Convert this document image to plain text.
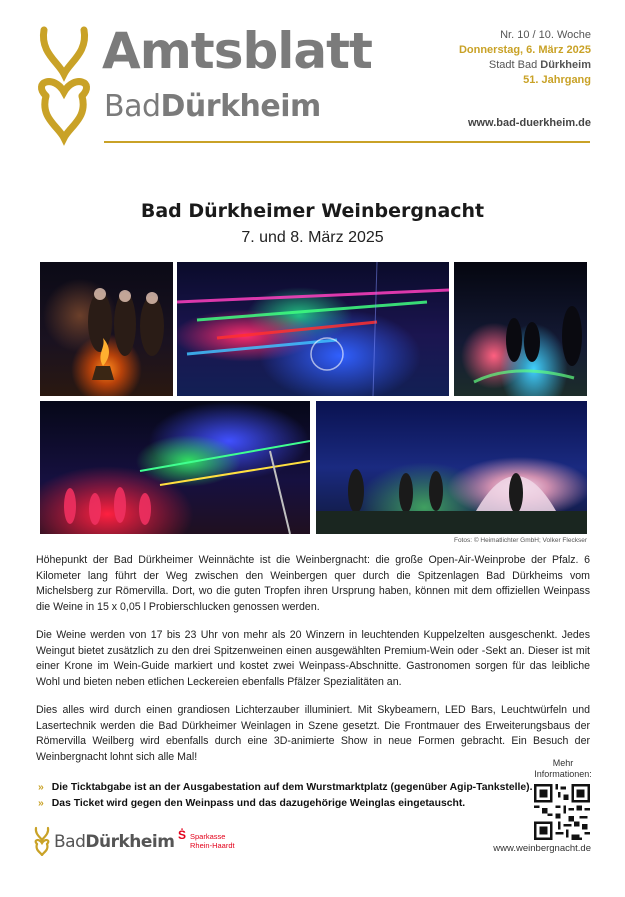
Amtsblatt
BadDürkheim
Nr. 10 / 10. Woche
Donnerstag, 6. März 2025
Stadt Bad Dürkheim
51. Jahrgang
www.bad-duerkheim.de
Bad Dürkheimer Weinbergnacht
7. und 8. März 2025
Fotos: © Heimatlichter GmbH; Volker Fleckser

Höhepunkt der Bad Dürkheimer Weinnächte ist die Weinbergnacht: die große Open-Air-Weinprobe der Pfalz. 6 Kilometer lang führt der Weg zwischen den Weinbergen quer durch die Spitzenlagen Bad Dürkheims vom Michelsberg zur Römervilla. Dort, wo die guten Tropfen ihren Ursprung haben, können mit dem offiziellen Weinpass die Weine in 15 x 0,05 l Probierschlucken genossen werden.

Die Weine werden von 17 bis 23 Uhr von mehr als 20 Winzern in leuchtenden Kuppelzelten ausgeschenkt. Jedes Weingut bietet zusätzlich zu den drei Spitzenweinen einen ausgewählten Premium-Wein oder -Sekt an. Dieser ist mit einer Krone im Wein-Guide markiert und kostet zwei Weinpass-Abschnitte. Gastronomen sorgen für das leibliche Wohl und bieten neben etlichen Leckereien ebenfalls Pfälzer Spezialitäten an.

Dies alles wird durch einen grandiosen Lichterzauber illuminiert. Mit Skybeamern, LED Bars, Leuchtwürfeln und Lasertechnik werden die Bad Dürkheimer Weinlagen in Szene gesetzt. Die Frontmauer des Erweiterungsbaus der Römervilla Weilberg wird ebenfalls durch eine 3D-animierte Show in neue Formen gebracht. Ein Besuch der Weinbergnacht lohnt sich alle Mal!

» Die Ticktabgabe ist an der Ausgabestation auf dem Wurstmarktplatz (gegenüber Agip-Tankstelle).
» Das Ticket wird gegen den Weinpass und das dazugehörige Weinglas eingetauscht.
Mehr Informationen:
www.weinbergnacht.de
BadDürkheim Ṡ Sparkasse
Rhein-Haardt
